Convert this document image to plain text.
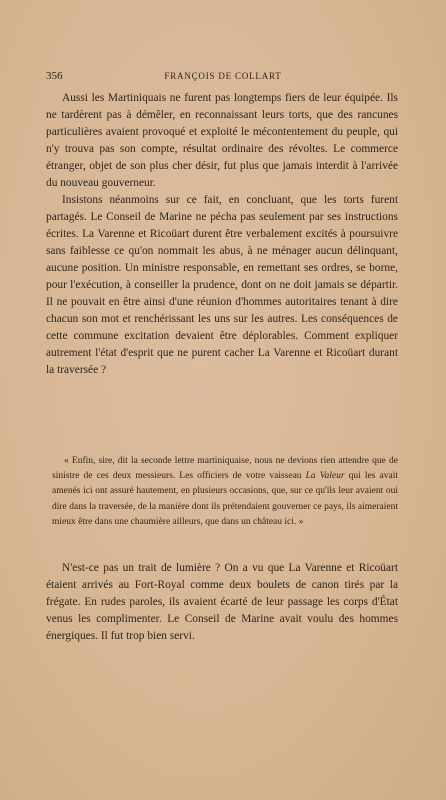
356	FRANÇOIS DE COLLART

Aussi les Martiniquais ne furent pas longtemps fiers de leur équipée. Ils ne tardèrent pas à démêler, en reconnaissant leurs torts, que des rancunes particulières avaient provoqué et exploité le mécontentement du peuple, qui n'y trouva pas son compte, résultat ordinaire des révoltes. Le commerce étranger, objet de son plus cher désir, fut plus que jamais interdit à l'arrivée du nouveau gouverneur.

Insistons néanmoins sur ce fait, en concluant, que les torts furent partagés. Le Conseil de Marine ne pécha pas seulement par ses instructions écrites. La Varenne et Ricoüart durent être verbalement excités à poursuivre sans faiblesse ce qu'on nommait les abus, à ne ménager aucun délinquant, aucune position. Un ministre responsable, en remettant ses ordres, se borne, pour l'exécution, à conseiller la prudence, dont on ne doit jamais se départir. Il ne pouvait en être ainsi d'une réunion d'hommes autoritaires tenant à dire chacun son mot et renchérissant les uns sur les autres. Les conséquences de cette commune excitation devaient être déplorables. Comment expliquer autrement l'état d'esprit que ne purent cacher La Varenne et Ricoüart durant la traversée ?

« Enfin, sire, dit la seconde lettre martiniquaise, nous ne devions rien attendre que de sinistre de ces deux messieurs. Les officiers de votre vaisseau La Valeur qui les avait amenés ici ont assuré hautement, en plusieurs occasions, que, sur ce qu'ils leur avaient oui dire dans la traversée, de la manière dont ils prétendaient gouverner ce pays, ils aimeraient mieux être dans une chaumière ailleurs, que dans un château ici. »

N'est-ce pas un trait de lumière ? On a vu que La Varenne et Ricoüart étaient arrivés au Fort-Royal comme deux boulets de canon tirés par la frégate. En rudes paroles, ils avaient écarté de leur passage les corps d'État venus les complimenter. Le Conseil de Marine avait voulu des hommes énergiques. Il fut trop bien servi.
